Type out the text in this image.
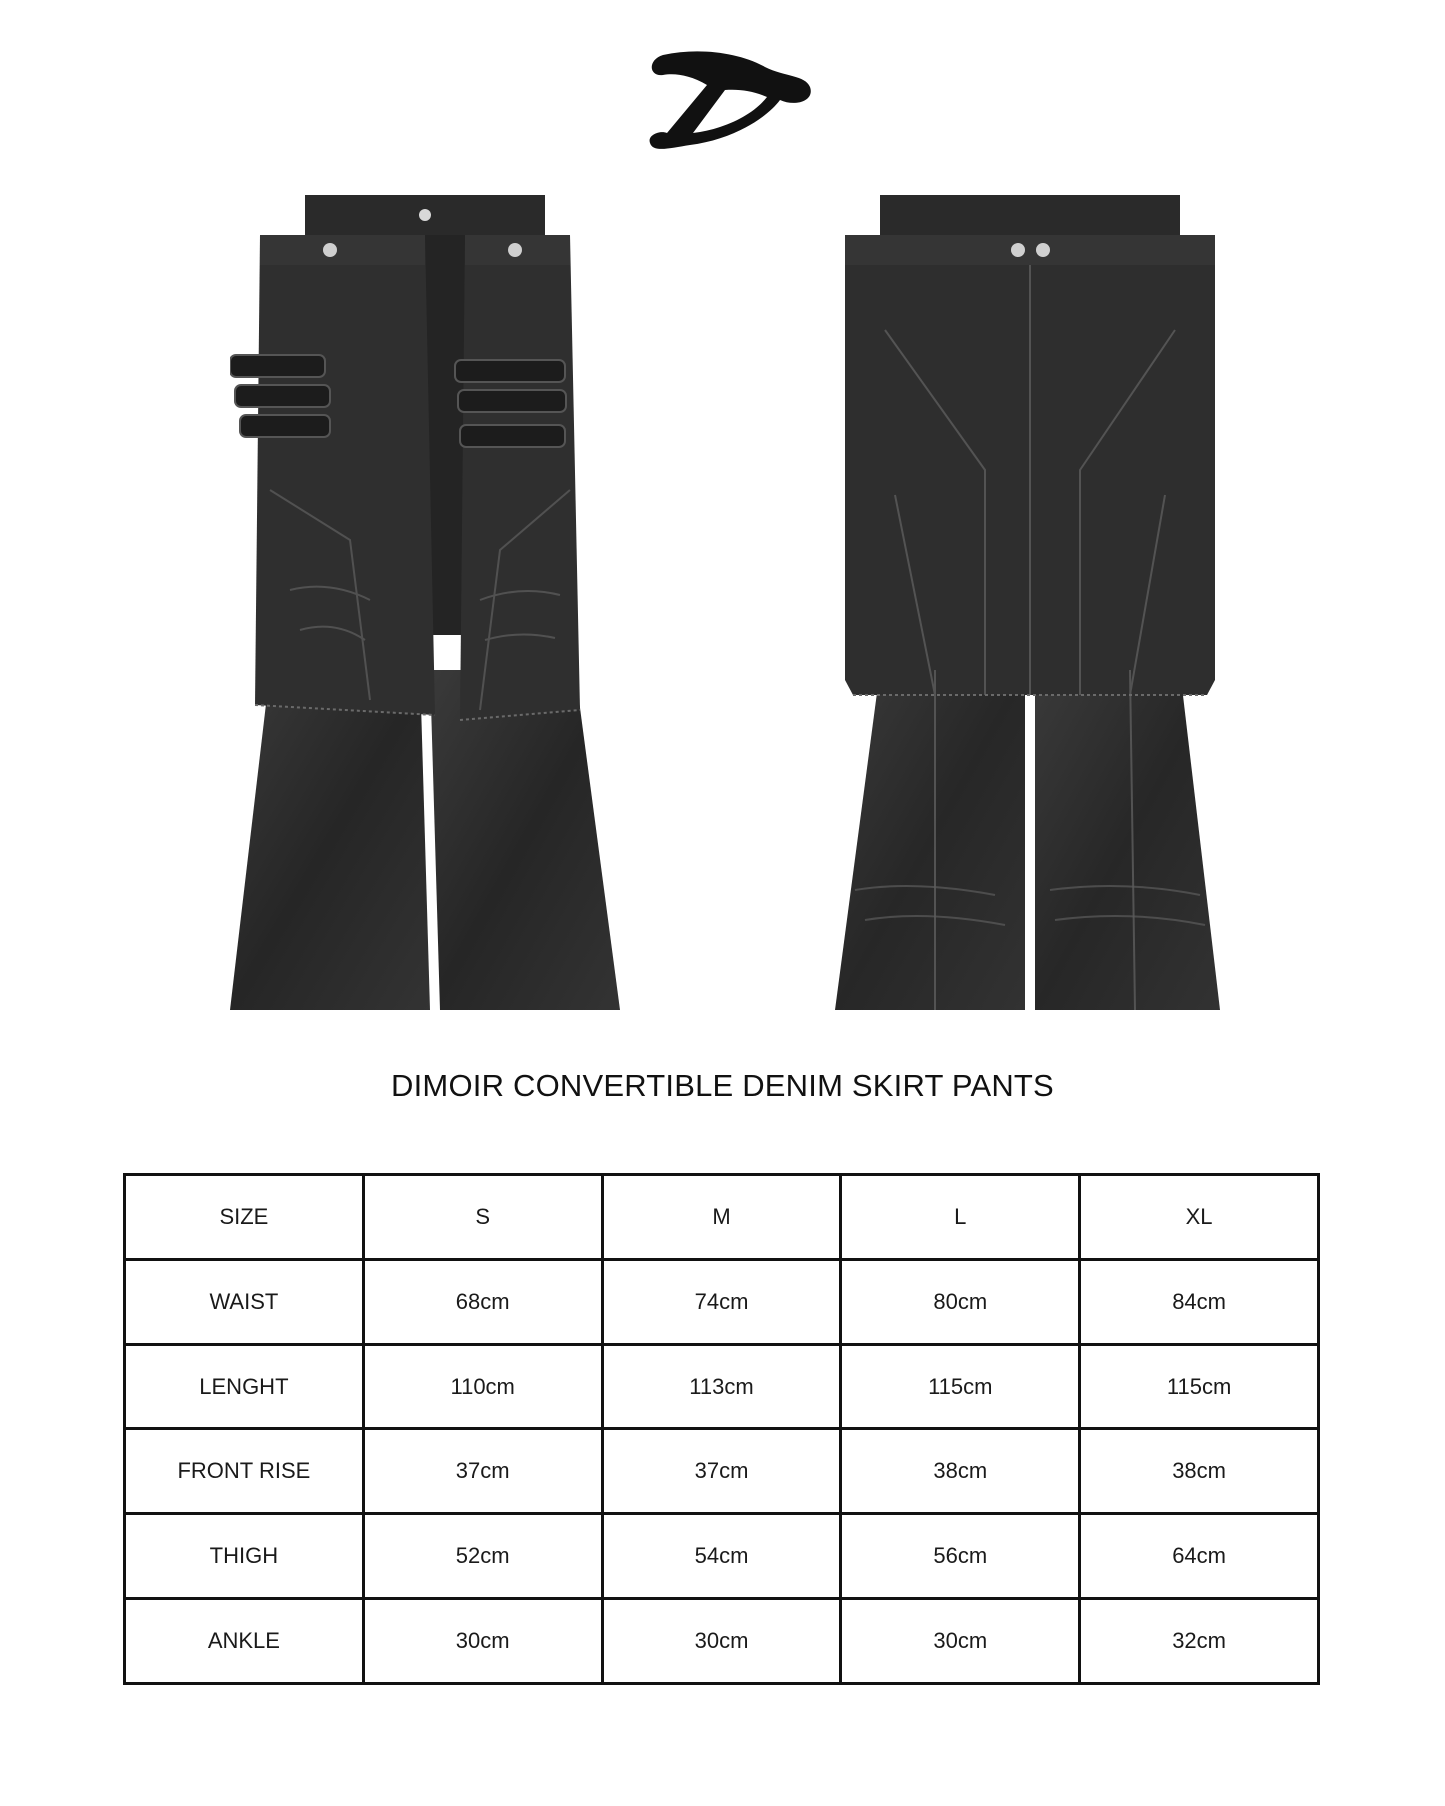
DIMOIR CONVERTIBLE DENIM SKIRT PANTS
SIZE	S	M	L	XL
WAIST	68cm	74cm	80cm	84cm
LENGHT	110cm	113cm	115cm	115cm
FRONT RISE	37cm	37cm	38cm	38cm
THIGH	52cm	54cm	56cm	64cm
ANKLE	30cm	30cm	30cm	32cm
